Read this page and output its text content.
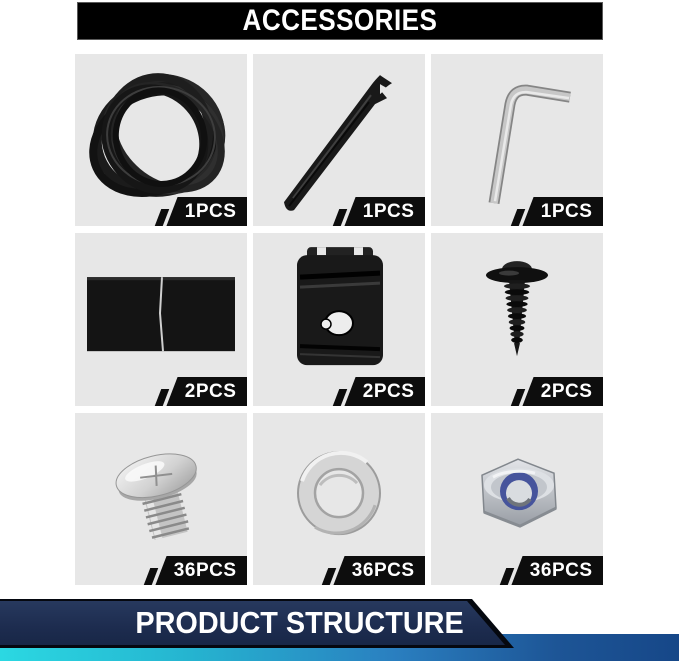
ACCESSORIES
1PCS	1PCS	1PCS
2PCS	2PCS	2PCS
36PCS	36PCS	36PCS
PRODUCT STRUCTURE
